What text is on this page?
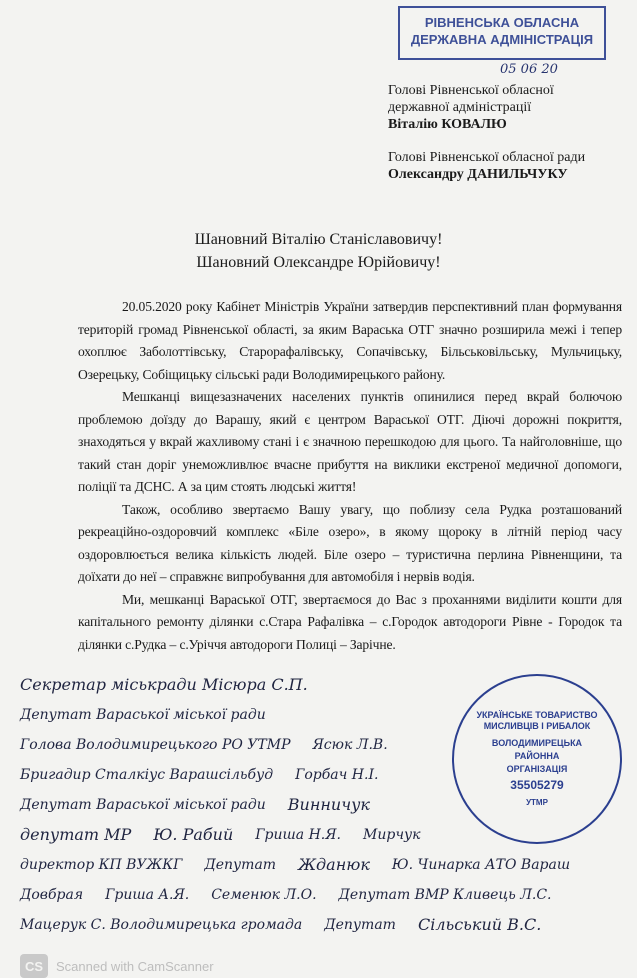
РІВНЕНСЬКА ОБЛАСНА
ДЕРЖАВНА АДМІНІСТРАЦІЯ
05 06 20
Голові Рівненської обласної
державної адміністрації
Віталію КОВАЛЮ
Голові Рівненської обласної ради
Олександру ДАНИЛЬЧУКУ
Шановний Віталію Станіславовичу!
Шановний Олександре Юрійовичу!

20.05.2020 року Кабінет Міністрів України затвердив перспективний план формування територій громад Рівненської області, за яким Вараська ОТГ значно розширила межі і тепер охоплює Заболоттівську, Старорафалівську, Сопачівську, Більськовільську, Мульчицьку, Озерецьку, Собіщицьку сільські ради Володимирецького району.

Мешканці вищезазначених населених пунктів опинилися перед вкрай болючою проблемою доїзду до Варашу, який є центром Вараської ОТГ. Діючі дорожні покриття, знаходяться у вкрай жахливому стані і є значною перешкодою для цього. Та найголовніше, що такий стан доріг унеможливлює вчасне прибуття на виклики екстреної медичної допомоги, поліції та ДСНС. А за цим стоять людські життя!

Також, особливо звертаємо Вашу увагу, що поблизу села Рудка розташований рекреаційно-оздоровчий комплекс «Біле озеро», в якому щороку в літній період часу оздоровлюється велика кількість людей. Біле озеро – туристична перлина Рівненщини, та доїхати до неї – справжнє випробування для автомобіля і нервів водія.

Ми, мешканці Вараської ОТГ, звертаємося до Вас з проханнями виділити кошти для капітального ремонту ділянки с.Стара Рафалівка – с.Городок автодороги Рівне - Городок та ділянки с.Рудка – с.Уріччя автодороги Полиці – Зарічне.

УКРАЇНСЬКЕ ТОВАРИСТВО МИСЛИВЦІВ І РИБАЛОК
ВОЛОДИМИРЕЦЬКА
РАЙОННА
ОРГАНІЗАЦІЯ
35505279
УТМР
Секретар міськради Місюра С.П. Депутат Вараської міської ради Голова Володимирецького РО УТМР Ясюк Л.В. Бригадир Сталкіус Варашсільбуд Горбач Н.І. Депутат Вараської міської ради Винничук депутат МР Ю. Рабий Гриша Н.Я. Мирчук директор КП ВУЖКГ Депутат Жданюк Ю. Чинарка АТО Вараш Довбрая Гриша А.Я. Семенюк Л.О. Депутат ВМР Кливець Л.С. Мацерук С. Володимирецька громада Депутат Сільський В.С.
CS Scanned with CamScanner
